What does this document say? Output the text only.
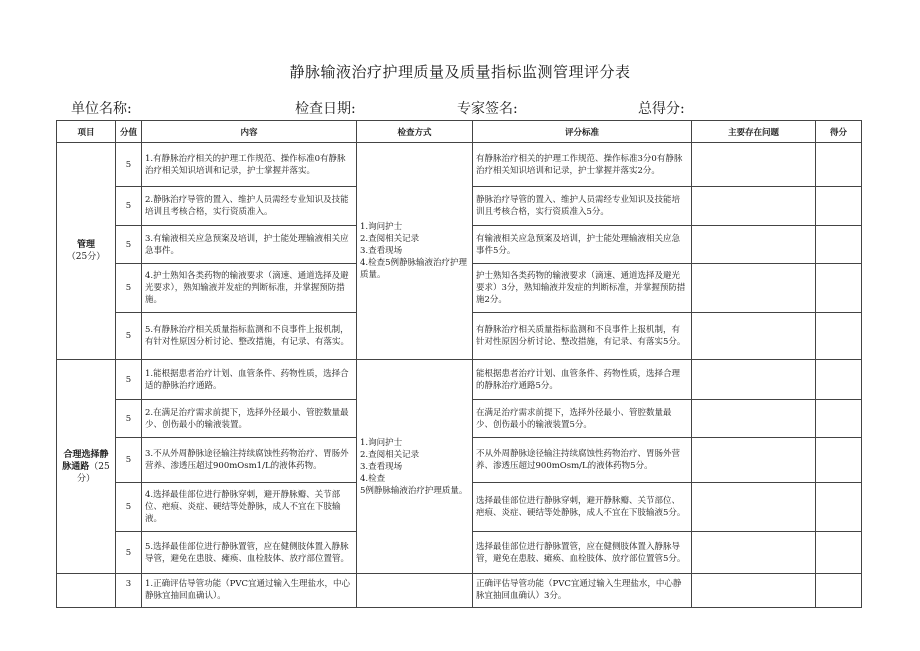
静脉输液治疗护理质量及质量指标监测管理评分表
单位名称:	检查日期:	专家签名:	总得分:
项目	分值	内容	检查方式	评分标准	主要存在问题	得分
管理（25分）	5	1.有静脉治疗相关的护理工作规范、操作标准0有静脉治疗相关知识培训和记录，护士掌握并落实。	1.询问护士
2.查阅相关记录
3.查看现场
4.检查5例静脉输液治疗护理质量。	有静脉治疗相关的护理工作规范、操作标准3分0有静脉治疗相关知识培训和记录，护士掌握并落实2分。		
	5	2.静脉治疗导管的置入、维护人员需经专业知识及技能培训且考核合格，实行资质准入。		静脉治疗导管的置入、维护人员需经专业知识及技能培训且考核合格，实行资质准入5分。		
	5	3.有输液相关应急预案及培训，护士能处理输液相关应急事件。		有输液相关应急预案及培训，护士能处理输液相关应急事件5分。		
	5	4.护士熟知各类药物的输液要求（滴速、通道选择及避光要求），熟知输液并发症的判断标准，并掌握预防措施。		护士熟知各类药物的输液要求（滴速、通道选择及避光要求）3分，熟知输液并发症的判断标准，并掌握预防措施2分。		
	5	5.有静脉治疗相关质量指标监测和不良事件上报机制，有针对性原因分析讨论、整改措施，有记录、有落实。		有静脉治疗相关质量指标监测和不良事件上报机制，有针对性原因分析讨论、整改措施，有记录、有落实5分。		
合理选择静脉通路（25分）	5	1.能根据患者治疗计划、血管条件、药物性质，选择合适的静脉治疗通路。	1.询问护士
2.查阅相关记录
3.查看现场
4.检查
5例静脉输液治疗护理质量。	能根据患者治疗计划、血管条件、药物性质，选择合理的静脉治疗通路5分。		
	5	2.在满足治疗需求前提下，选择外径最小、管腔数量最少、创伤最小的输液装置。		在满足治疗需求前提下，选择外径最小、管腔数量最少、创伤最小的输液装置5分。		
	5	3.不从外周静脉途径输注持续腐蚀性药物治疗、胃肠外营养、渗透压超过900mOsm1/L的液体药物。		不从外周静脉途径输注持续腐蚀性药物治疗、胃肠外营养、渗透压超过900mOsm/L的液体药物5分。		
	5	4.选择最佳部位进行静脉穿刺，避开静脉瓣、关节部位、疤痕、炎症、硬结等处静脉，成人不宜在下肢输液。		选择最佳部位进行静脉穿刺，避开静脉瓣、关节部位、疤痕、炎症、硬结等处静脉，成人不宜在下肢输液5分。		
	5	5.选择最佳部位进行静脉置管，应在健侧肢体置入静脉导管，避免在患肢、瘫痪、血栓肢体、放疗部位置管。		选择最佳部位进行静脉置管，应在健侧肢体置入静脉导管，避免在患肢、瘫痪、血栓肢体、放疗部位置管5分。		
	3	1.正确评估导管功能（PVC宜通过输入生理盐水，中心静脉宜抽回血确认）。		正确评估导管功能（PVC宜通过输入生理盐水，中心静脉宜抽回血确认）3分。		
